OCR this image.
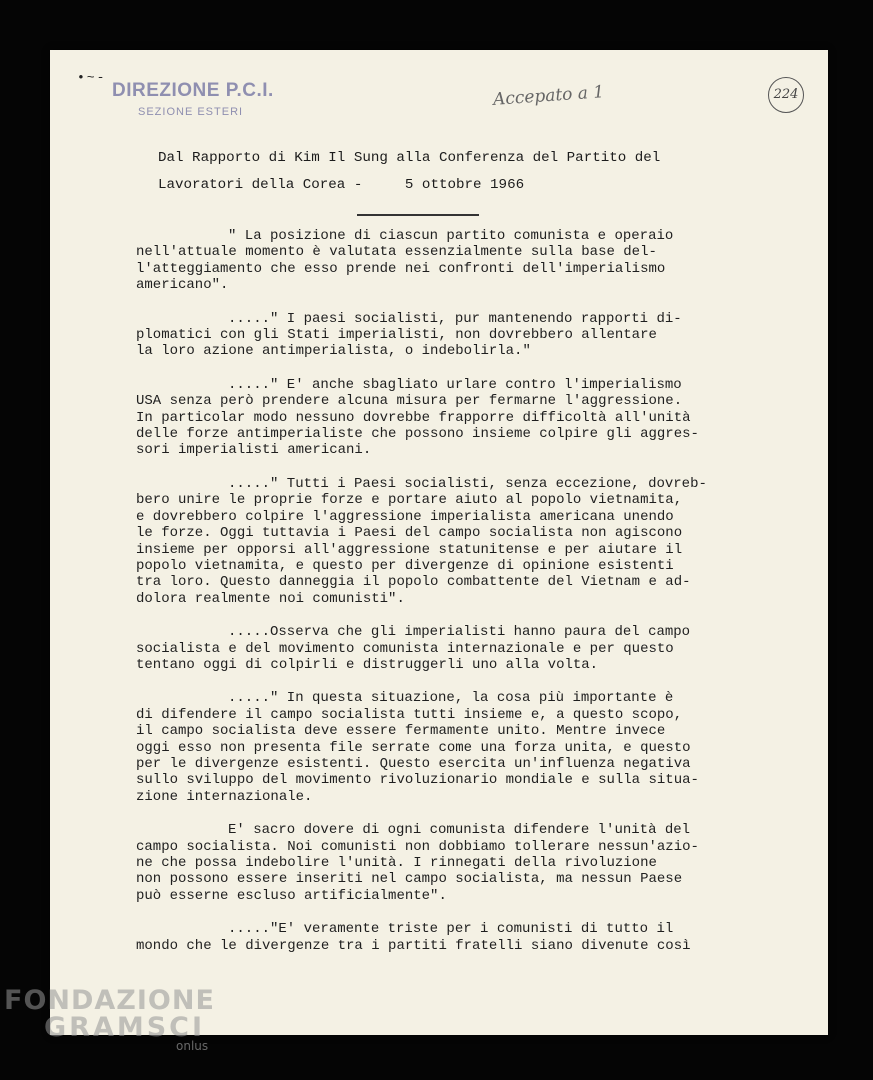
•~-
DIREZIONE P.C.I.
SEZIONE ESTERI
Accepato a 1	224
Dal Rapporto di Kim Il Sung alla Conferenza del Partito del
Lavoratori della Corea -     5 ottobre 1966
" La posizione di ciascun partito comunista e operaio
nell'attuale momento è valutata essenzialmente sulla base del-
l'atteggiamento che esso prende nei confronti dell'imperialismo
americano".
....." I paesi socialisti, pur mantenendo rapporti di-
plomatici con gli Stati imperialisti, non dovrebbero allentare
la loro azione antimperialista, o indebolirla."
....." E' anche sbagliato urlare contro l'imperialismo
USA senza però prendere alcuna misura per fermarne l'aggressione.
In particolar modo nessuno dovrebbe frapporre difficoltà all'unità
delle forze antimperialiste che possono insieme colpire gli aggres-
sori imperialisti americani.
....." Tutti i Paesi socialisti, senza eccezione, dovreb-
bero unire le proprie forze e portare aiuto al popolo vietnamita,
e dovrebbero colpire l'aggressione imperialista americana unendo
le forze. Oggi tuttavia i Paesi del campo socialista non agiscono
insieme per opporsi all'aggressione statunitense e per aiutare il
popolo vietnamita, e questo per divergenze di opinione esistenti
tra loro. Questo danneggia il popolo combattente del Vietnam e ad-
dolora realmente noi comunisti".
.....Osserva che gli imperialisti hanno paura del campo
socialista e del movimento comunista internazionale e per questo
tentano oggi di colpirli e distruggerli uno alla volta.
....." In questa situazione, la cosa più importante è
di difendere il campo socialista tutti insieme e, a questo scopo,
il campo socialista deve essere fermamente unito. Mentre invece
oggi esso non presenta file serrate come una forza unita, e questo
per le divergenze esistenti. Questo esercita un'influenza negativa
sullo sviluppo del movimento rivoluzionario mondiale e sulla situa-
zione internazionale.
E' sacro dovere di ogni comunista difendere l'unità del
campo socialista. Noi comunisti non dobbiamo tollerare nessun'azio-
ne che possa indebolire l'unità. I rinnegati della rivoluzione
non possono essere inseriti nel campo socialista, ma nessun Paese
può esserne escluso artificialmente".
....."E' veramente triste per i comunisti di tutto il
mondo che le divergenze tra i partiti fratelli siano divenute così
FONDAZIONE
GRAMSCI
onlus
